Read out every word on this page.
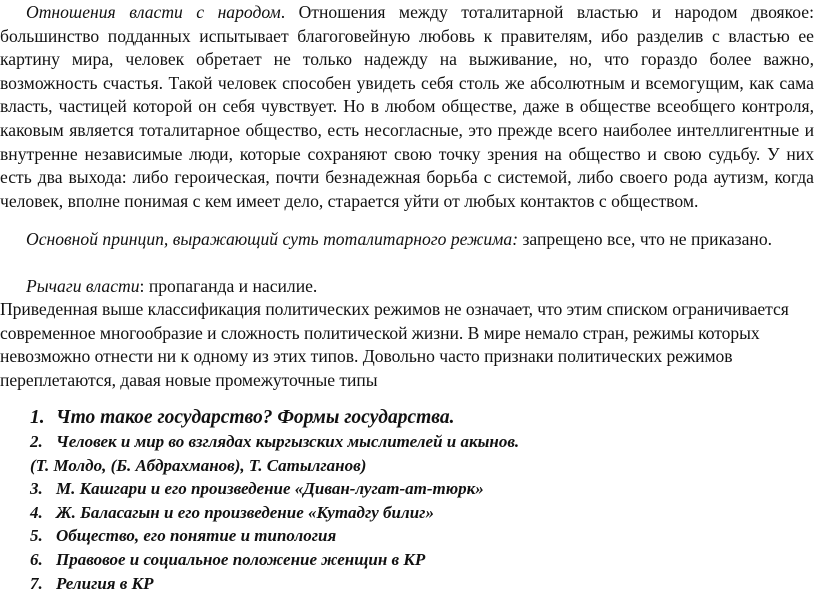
Отношения власти с народом. Отношения между тоталитарной властью и народом двоякое: большинство подданных испытывает благоговейную любовь к правителям, ибо разделив с властью ее картину мира, человек обретает не только надежду на выживание, но, что гораздо более важно, возможность счастья. Такой человек способен увидеть себя столь же абсолютным и всемогущим, как сама власть, частицей которой он себя чувствует. Но в любом обществе, даже в обществе всеобщего контроля, каковым является тоталитарное общество, есть несогласные, это прежде всего наиболее интеллигентные и внутренне независимые люди, которые сохраняют свою точку зрения на общество и свою судьбу. У них есть два выхода: либо героическая, почти безнадежная борьба с системой, либо своего рода аутизм, когда человек, вполне понимая с кем имеет дело, старается уйти от любых контактов с обществом.

Основной принцип, выражающий суть тоталитарного режима: запрещено все, что не приказано.

Рычаги власти: пропаганда и насилие.

Приведенная выше классификация политических режимов не означает, что этим списком ограничивается современное многообразие и сложность политической жизни. В мире немало стран, режимы которых невозможно отнести ни к одному из этих типов. Довольно часто признаки политических режимов переплетаются, давая новые промежуточные типы

1. Что такое государство? Формы государства.
2. Человек и мир во взглядах кыргызских мыслителей и акынов.
(Т. Молдо, (Б. Абдрахманов), Т. Сатылганов)
3. М. Кашгари и его произведение «Диван-лугат-ат-тюрк»
4. Ж. Баласагын и его произведение «Кутадгу билиг»
5. Общество, его понятие и типология
6. Правовое и социальное положение женщин в КР
7. Религия в КР
